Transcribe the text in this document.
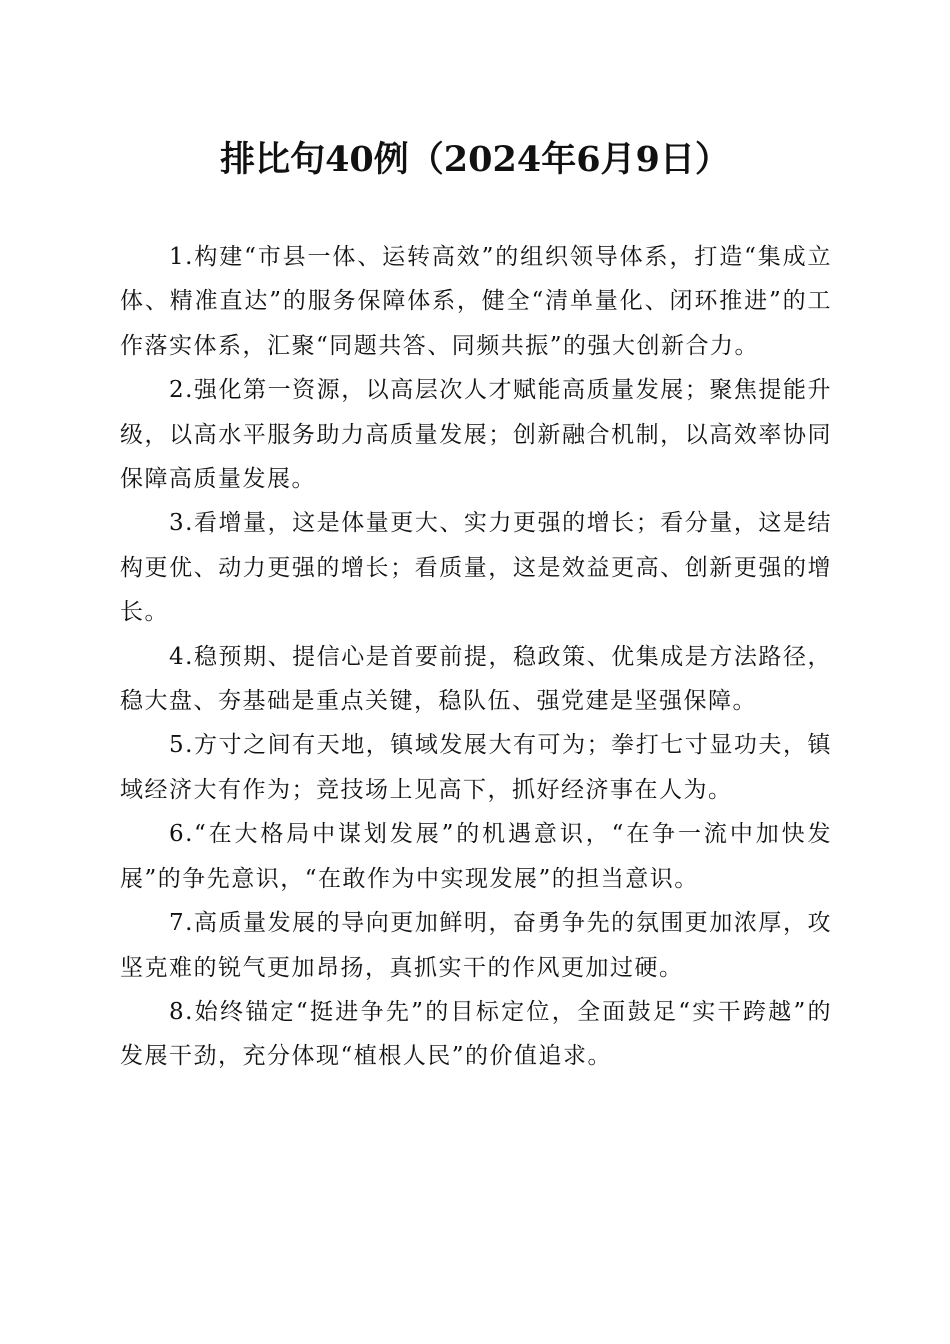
排比句40例（2024年6月9日）

1.构建“市县一体、运转高效”的组织领导体系，打造“集成立体、精准直达”的服务保障体系，健全“清单量化、闭环推进”的工作落实体系，汇聚“同题共答、同频共振”的强大创新合力。

2.强化第一资源，以高层次人才赋能高质量发展；聚焦提能升级，以高水平服务助力高质量发展；创新融合机制，以高效率协同保障高质量发展。

3.看增量，这是体量更大、实力更强的增长；看分量，这是结构更优、动力更强的增长；看质量，这是效益更高、创新更强的增长。

4.稳预期、提信心是首要前提，稳政策、优集成是方法路径，稳大盘、夯基础是重点关键，稳队伍、强党建是坚强保障。

5.方寸之间有天地，镇域发展大有可为；拳打七寸显功夫，镇域经济大有作为；竞技场上见高下，抓好经济事在人为。

6.“在大格局中谋划发展”的机遇意识，“在争一流中加快发展”的争先意识，“在敢作为中实现发展”的担当意识。

7.高质量发展的导向更加鲜明，奋勇争先的氛围更加浓厚，攻坚克难的锐气更加昂扬，真抓实干的作风更加过硬。

8.始终锚定“挺进争先”的目标定位，全面鼓足“实干跨越”的发展干劲，充分体现“植根人民”的价值追求。
